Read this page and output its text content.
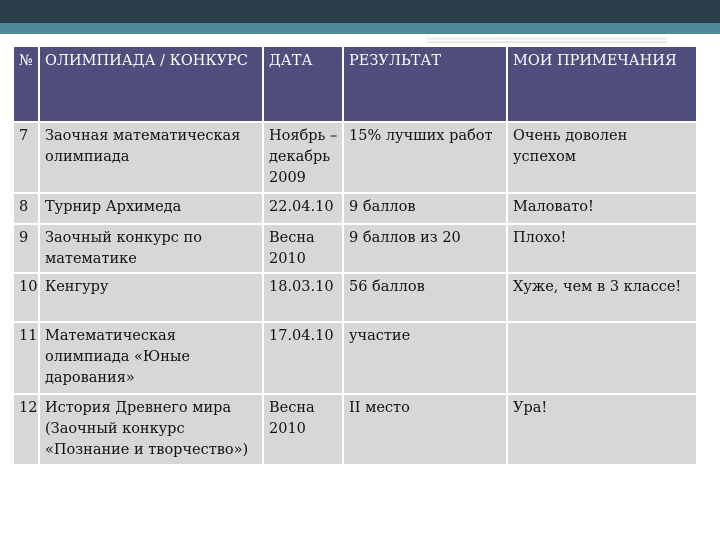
№	ОЛИМПИАДА / КОНКУРС	ДАТА	РЕЗУЛЬТАТ	МОИ ПРИМЕЧАНИЯ
7	Заочная математическая олимпиада	Ноябрь – декабрь 2009	15% лучших работ	Очень доволен успехом
8	Турнир Архимеда	22.04.10	9 баллов	Маловато!
9	Заочный конкурс по математике	Весна 2010	9 баллов из 20	Плохо!
10	Кенгуру	18.03.10	56 баллов	Хуже, чем в 3 классе!
11	Математическая олимпиада «Юные дарования»	17.04.10	участие	
12	История Древнего мира (Заочный конкурс «Познание и творчество»)	Весна 2010	II место	Ура!
